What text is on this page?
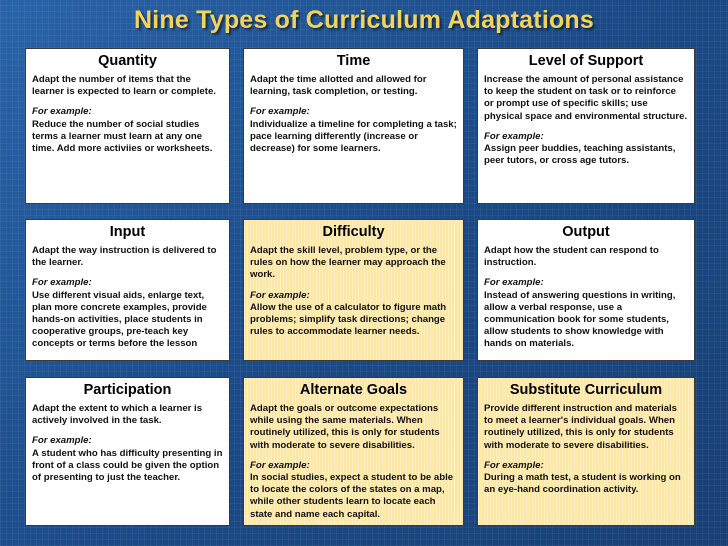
Nine Types of Curriculum Adaptations
Quantity

Adapt the number of items that the learner is expected to learn or complete.

For example:

Reduce the number of social studies terms a learner must learn at any one time. Add more activiies or worksheets.

Time

Adapt the time allotted and allowed for learning, task completion, or testing.

For example:

Individualize a timeline for completing a task; pace learning differently (increase or decrease) for some learners.

Level of Support

Increase the amount of personal assistance to keep the student on task or to reinforce or prompt use of specific skills; use physical space and environmental structure.

For example:

Assign peer buddies, teaching assistants, peer tutors, or cross age tutors.

Input

Adapt the way instruction is delivered to the learner.

For example:

Use different visual aids, enlarge text, plan more concrete examples, provide hands-on activities, place students in cooperative groups, pre-teach key concepts or terms before the lesson

Difficulty

Adapt the skill level, problem type, or the rules on how the learner may approach the work.

For example:

Allow the use of a calculator to figure math problems; simplify task directions; change rules to accommodate learner needs.

Output

Adapt how the student can respond to instruction.

For example:

Instead of answering questions in writing, allow a verbal response, use a communication book for some students, allow students to show knowledge with hands on materials.

Participation

Adapt the extent to which a learner is actively involved in the task.

For example:

A student who has difficulty presenting in front of a class could be given the option of presenting to just the teacher.

Alternate Goals

Adapt the goals or outcome expectations while using the same materials. When routinely utilized, this is only for students with moderate to severe disabilities.

For example:

In social studies, expect a student to be able to locate the colors of the states on a map, while other students learn to locate each state and name each capital.

Substitute Curriculum

Provide different instruction and materials to meet a learner's individual goals. When routinely utilized, this is only for students with moderate to severe disabilities.

For example:

During a math test, a student is working on an eye-hand coordination activity.
